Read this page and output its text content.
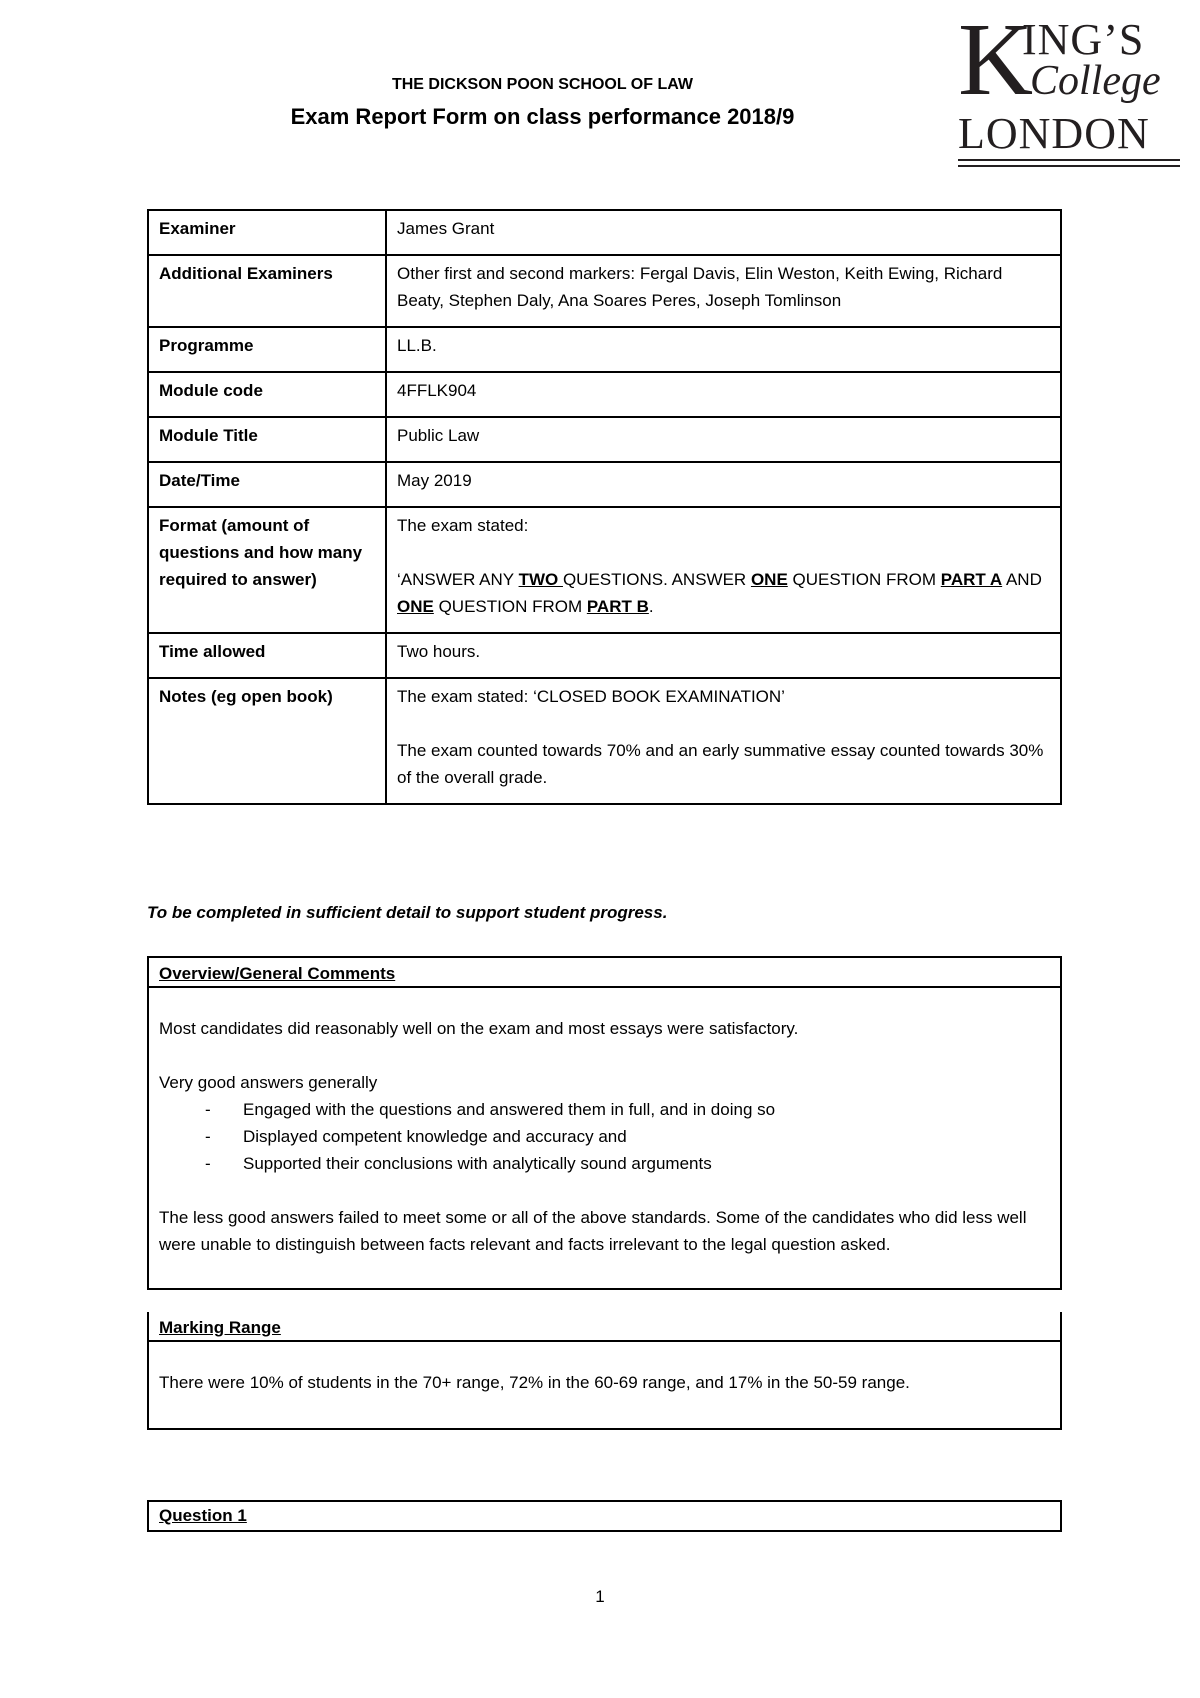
THE DICKSON POON SCHOOL OF LAW
Exam Report Form on class performance 2018/9	K
ING’S
College
LONDON
Examiner	James Grant
Additional Examiners	Other first and second markers: Fergal Davis, Elin Weston, Keith Ewing, Richard Beaty, Stephen Daly, Ana Soares Peres, Joseph Tomlinson
Programme	LL.B.
Module code	4FFLK904
Module Title	Public Law
Date/Time	May 2019
Format (amount of questions and how many required to answer)	The exam stated:
‘ANSWER ANY TWO QUESTIONS. ANSWER ONE QUESTION FROM PART A AND ONE QUESTION FROM PART B.

Time allowed	Two hours.
Notes (eg open book)	The exam stated: ‘CLOSED BOOK EXAMINATION’
The exam counted towards 70% and an early summative essay counted towards 30% of the overall grade.
To be completed in sufficient detail to support student progress.
Overview/General Comments

Most candidates did reasonably well on the exam and most essays were satisfactory.

Very good answers generally

- Engaged with the questions and answered them in full, and in doing so
- Displayed competent knowledge and accuracy and
- Supported their conclusions with analytically sound arguments

The less good answers failed to meet some or all of the above standards. Some of the candidates who did less well were unable to distinguish between facts relevant and facts irrelevant to the legal question asked.

Marking Range

There were 10% of students in the 70+ range, 72% in the 60-69 range, and 17% in the 50-59 range.

Question 1
1
